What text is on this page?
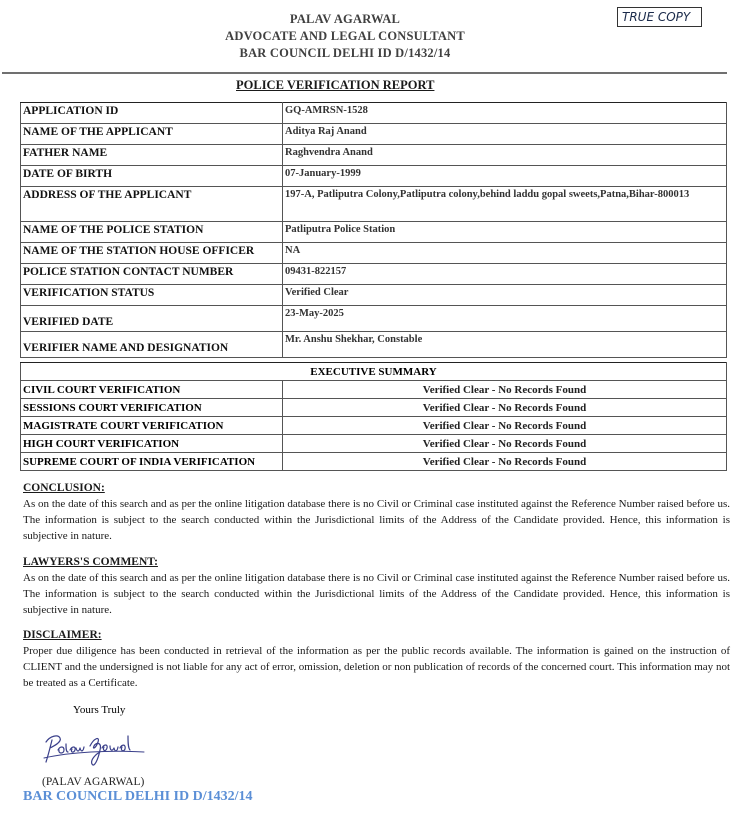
PALAV AGARWAL
ADVOCATE AND LEGAL CONSULTANT
BAR COUNCIL DELHI ID D/1432/14
TRUE COPY
POLICE VERIFICATION REPORT
APPLICATION ID	GQ-AMRSN-1528
NAME OF THE APPLICANT	Aditya Raj Anand
FATHER NAME	Raghvendra Anand
DATE OF BIRTH	07-January-1999
ADDRESS OF THE APPLICANT	197-A, Patliputra Colony,Patliputra colony,behind laddu gopal sweets,Patna,Bihar-800013
NAME OF THE POLICE STATION	Patliputra Police Station
NAME OF THE STATION HOUSE OFFICER	NA
POLICE STATION CONTACT NUMBER	09431-822157
VERIFICATION STATUS	Verified Clear
VERIFIED DATE	23-May-2025
VERIFIER NAME AND DESIGNATION	Mr. Anshu Shekhar, Constable
EXECUTIVE SUMMARY	
CIVIL COURT VERIFICATION	Verified Clear - No Records Found
SESSIONS COURT VERIFICATION	Verified Clear - No Records Found
MAGISTRATE COURT VERIFICATION	Verified Clear - No Records Found
HIGH COURT VERIFICATION	Verified Clear - No Records Found
SUPREME COURT OF INDIA VERIFICATION	Verified Clear - No Records Found
CONCLUSION:

As on the date of this search and as per the online litigation database there is no Civil or Criminal case instituted against the Reference Number raised before us. The information is subject to the search conducted within the Jurisdictional limits of the Address of the Candidate provided. Hence, this information is subjective in nature.

LAWYERS'S COMMENT:

As on the date of this search and as per the online litigation database there is no Civil or Criminal case instituted against the Reference Number raised before us. The information is subject to the search conducted within the Jurisdictional limits of the Address of the Candidate provided. Hence, this information is subjective in nature.

DISCLAIMER:

Proper due diligence has been conducted in retrieval of the information as per the public records available. The information is gained on the instruction of CLIENT and the undersigned is not liable for any act of error, omission, deletion or non publication of records of the concerned court. This information may not be treated as a Certificate.

Yours Truly
(PALAV AGARWAL)
BAR COUNCIL DELHI ID D/1432/14
